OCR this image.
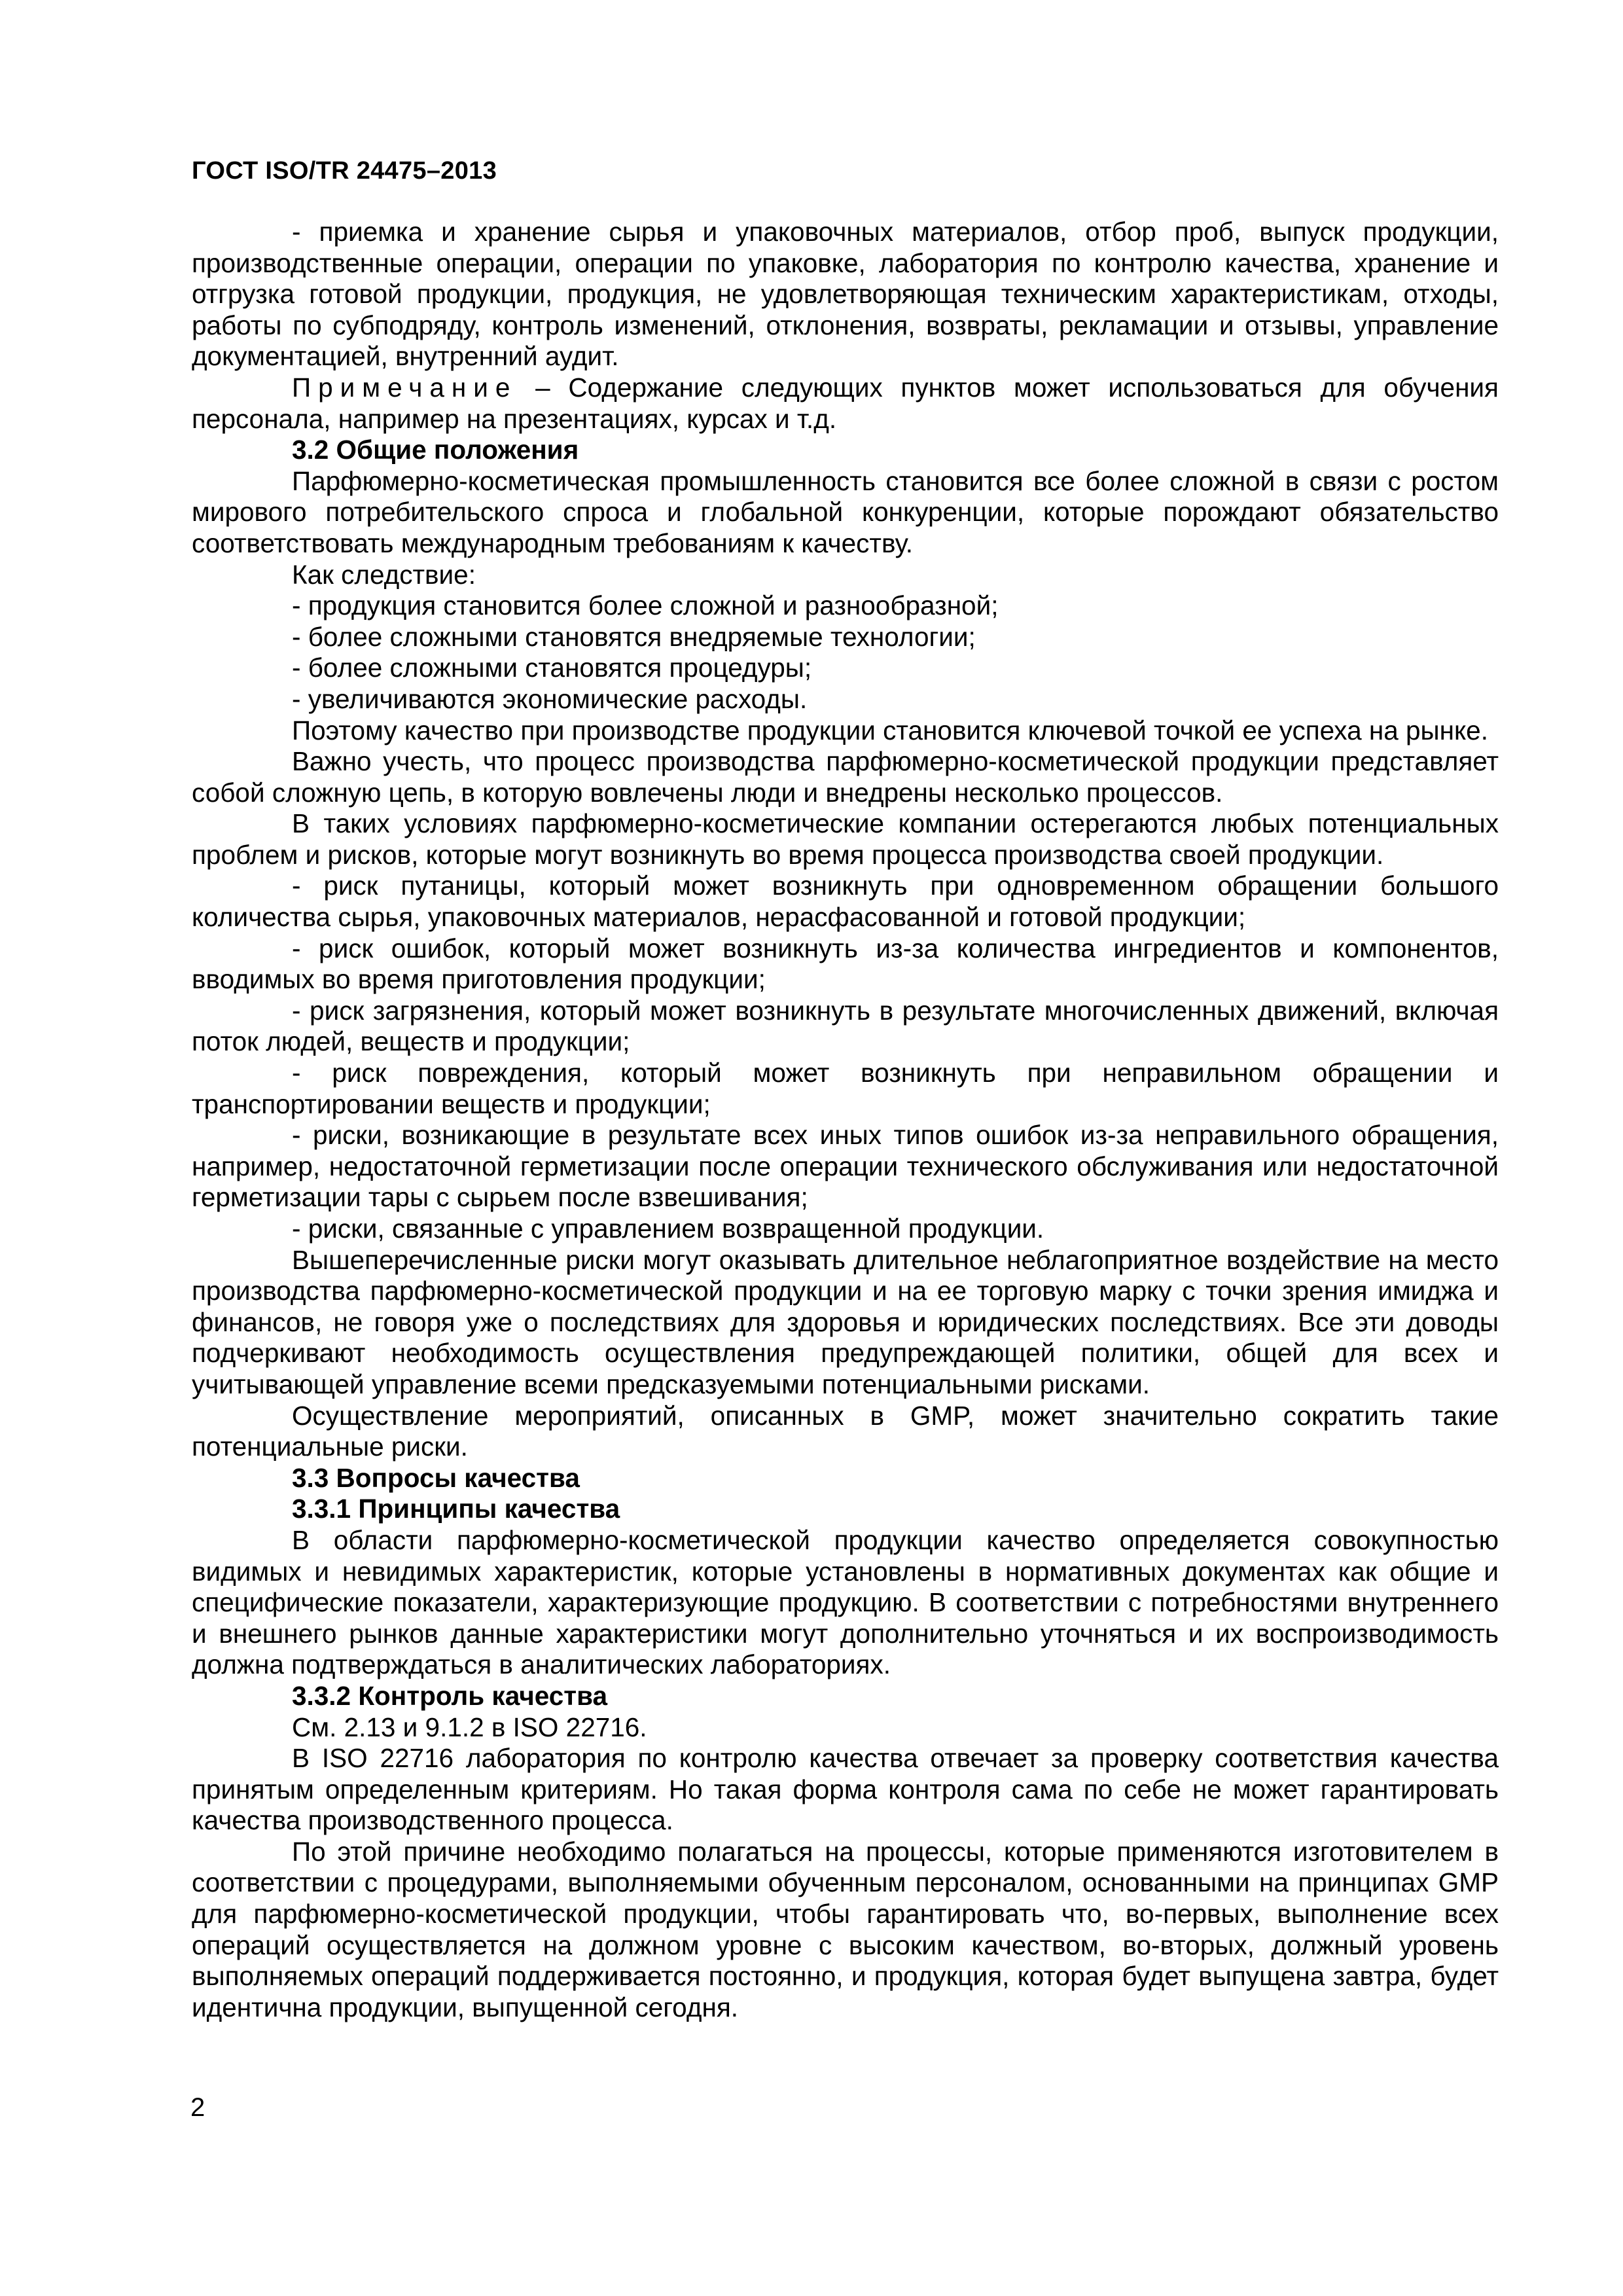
ГОСТ ISO/TR 24475–2013

- приемка и хранение сырья и упаковочных материалов, отбор проб, выпуск продукции, производственные операции, операции по упаковке, лаборатория по контролю качества, хранение и отгрузка готовой продукции, продукция, не удовлетворяющая техническим характеристикам, отходы, работы по субподряду, контроль изменений, отклонения, возвраты, рекламации и отзывы, управление документацией, внутренний аудит.

Примечание – Содержание следующих пунктов может использоваться для обучения персонала, например на презентациях, курсах и т.д.

3.2 Общие положения

Парфюмерно-косметическая промышленность становится все более сложной в связи с ростом мирового потребительского спроса и глобальной конкуренции, которые порождают обязательство соответствовать международным требованиям к качеству.

Как следствие:

- продукция становится более сложной и разнообразной;

- более сложными становятся внедряемые технологии;

- более сложными становятся процедуры;

- увеличиваются экономические расходы.

Поэтому качество при производстве продукции становится ключевой точкой ее успеха на рынке.

Важно учесть, что процесс производства парфюмерно-косметической продукции представляет собой сложную цепь, в которую вовлечены люди и внедрены несколько процессов.

В таких условиях парфюмерно-косметические компании остерегаются любых потенциальных проблем и рисков, которые могут возникнуть во время процесса производства своей продукции.

- риск путаницы, который может возникнуть при одновременном обращении большого количества сырья, упаковочных материалов, нерасфасованной и готовой продукции;

- риск ошибок, который может возникнуть из-за количества ингредиентов и компонентов, вводимых во время приготовления продукции;

- риск загрязнения, который может возникнуть в результате многочисленных движений, включая поток людей, веществ и продукции;

- риск повреждения, который может возникнуть при неправильном обращении и транспортировании веществ и продукции;

- риски, возникающие в результате всех иных типов ошибок из-за неправильного обращения, например, недостаточной герметизации после операции технического обслуживания или недостаточной герметизации тары с сырьем после взвешивания;

- риски, связанные с управлением возвращенной продукции.

Вышеперечисленные риски могут оказывать длительное неблагоприятное воздействие на место производства парфюмерно-косметической продукции и на ее торговую марку с точки зрения имиджа и финансов, не говоря уже о последствиях для здоровья и юридических последствиях. Все эти доводы подчеркивают необходимость осуществления предупреждающей политики, общей для всех и учитывающей управление всеми предсказуемыми потенциальными рисками.

Осуществление мероприятий, описанных в GMP, может значительно сократить такие потенциальные риски.

3.3 Вопросы качества
3.3.1 Принципы качества

В области парфюмерно-косметической продукции качество определяется совокупностью видимых и невидимых характеристик, которые установлены в нормативных документах как общие и специфические показатели, характеризующие продукцию. В соответствии с потребностями внутреннего и внешнего рынков данные характеристики могут дополнительно уточняться и их воспроизводимость должна подтверждаться в аналитических лабораториях.

3.3.2 Контроль качества

См. 2.13 и 9.1.2 в ISO 22716.

В ISO 22716 лаборатория по контролю качества отвечает за проверку соответствия качества принятым определенным критериям. Но такая форма контроля сама по себе не может гарантировать качества производственного процесса.

По этой причине необходимо полагаться на процессы, которые применяются изготовителем в соответствии с процедурами, выполняемыми обученным персоналом, основанными на принципах GMP для парфюмерно-косметической продукции, чтобы гарантировать что, во-первых, выполнение всех операций осуществляется на должном уровне с высоким качеством, во-вторых, должный уровень выполняемых операций поддерживается постоянно, и продукция, которая будет выпущена завтра, будет идентична продукции, выпущенной сегодня.

2
